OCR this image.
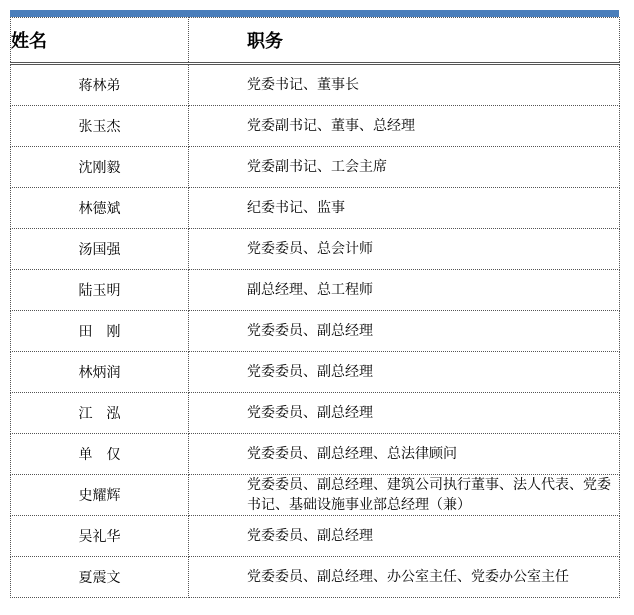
姓名	职务
蒋林弟	党委书记、董事长
张玉杰	党委副书记、董事、总经理
沈刚毅	党委副书记、工会主席
林德斌	纪委书记、监事
汤国强	党委委员、总会计师
陆玉明	副总经理、总工程师
田　刚	党委委员、副总经理
林炳润	党委委员、副总经理
江　泓	党委委员、副总经理
单　仅	党委委员、副总经理、总法律顾问
史耀辉	党委委员、副总经理、建筑公司执行董事、法人代表、党委书记、基础设施事业部总经理（兼）
吴礼华	党委委员、副总经理
夏震文	党委委员、副总经理、办公室主任、党委办公室主任
